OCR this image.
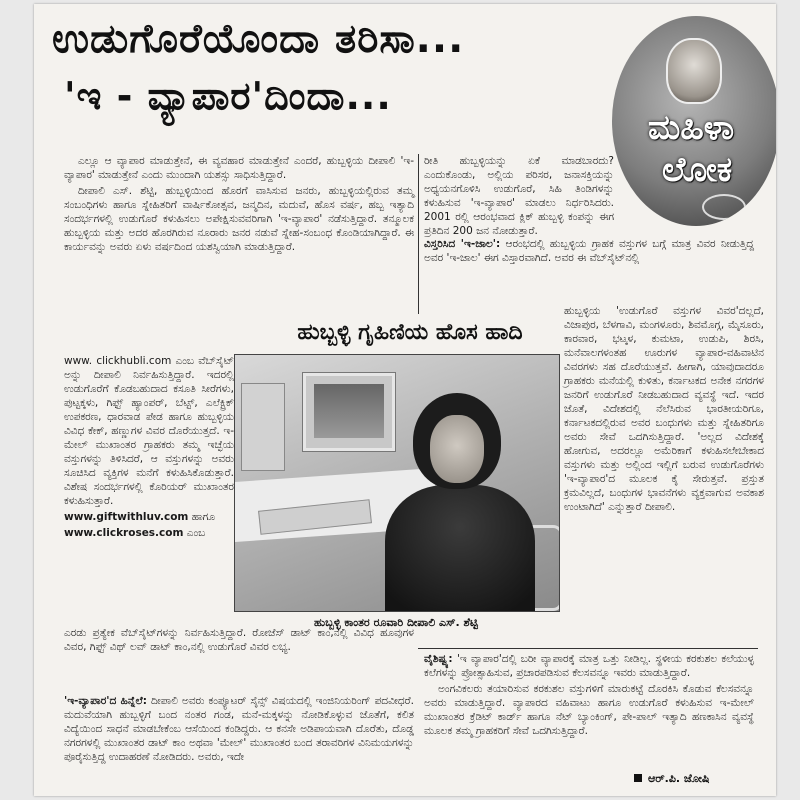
ಉಡುಗೊರೆಯೊಂದಾ ತರಿಸಾ...
'ಇ - ವ್ಯಾಪಾರ'ದಿಂದಾ...
ಮಹಿಳಾ
ಲೋಕ

ಎಲ್ಲೂ ಆ ವ್ಯಾಪಾರ ಮಾಡುತ್ತೇನೆ, ಈ ವ್ಯವಹಾರ ಮಾಡುತ್ತೇನೆ ಎಂದರೆ, ಹುಬ್ಬಳ್ಳಿಯ ದೀಪಾಲಿ 'ಇ-ವ್ಯಾಪಾರ' ಮಾಡುತ್ತೇನೆ ಎಂದು ಮುಂದಾಗಿ ಯಶಸ್ಸು ಸಾಧಿಸುತ್ತಿದ್ದಾರೆ.

ದೀಪಾಲಿ ಎಸ್. ಶೆಟ್ಟಿ, ಹುಬ್ಬಳ್ಳಿಯಿಂದ ಹೊರಗೆ ವಾಸಿಸುವ ಜನರು, ಹುಬ್ಬಳ್ಳಿಯಲ್ಲಿರುವ ತಮ್ಮ ಸಂಬಂಧಿಗಳು ಹಾಗೂ ಸ್ನೇಹಿತರಿಗೆ ವಾರ್ಷಿಕೋತ್ಸವ, ಜನ್ಮದಿನ, ಮದುವೆ, ಹೊಸ ವರ್ಷ, ಹಬ್ಬ ಇತ್ಯಾದಿ ಸಂದರ್ಭಗಳಲ್ಲಿ ಉಡುಗೊರೆ ಕಳುಹಿಸಲು ಅಪೇಕ್ಷಿಸುವವರಿಗಾಗಿ 'ಇ-ವ್ಯಾಪಾರ' ನಡೆಸುತ್ತಿದ್ದಾರೆ. ತನ್ಮೂಲಕ ಹುಬ್ಬಳ್ಳಿಯ ಮತ್ತು ಅದರ ಹೊರಗಿರುವ ನೂರಾರು ಜನರ ನಡುವೆ ಸ್ನೇಹ-ಸಂಬಂಧ ಕೊಂಡಿಯಾಗಿದ್ದಾರೆ. ಈ ಕಾರ್ಯವನ್ನು ಅವರು ಏಳು ವರ್ಷದಿಂದ ಯಶಸ್ವಿಯಾಗಿ ಮಾಡುತ್ತಿದ್ದಾರೆ.

ರೀತಿ ಹುಬ್ಬಳ್ಳಿಯನ್ನು ಏಕೆ ಮಾಡಬಾರದು? ಎಂದುಕೊಂಡು, ಅಲ್ಲಿಯ ಪರಿಸರ, ಜನಾಸಕ್ತಿಯನ್ನು ಅಧ್ಯಯನಗೊಳಿಸಿ ಉಡುಗೊರೆ, ಸಿಹಿ ತಿಂಡಿಗಳನ್ನು ಕಳುಹಿಸುವ 'ಇ-ವ್ಯಾಪಾರ' ಮಾಡಲು ನಿರ್ಧರಿಸಿದರು. 2001 ರಲ್ಲಿ ಆರಂಭವಾದ ಕ್ಲಿಕ್ ಹುಬ್ಬಳ್ಳಿ ಕಂಪನ್ನು ಈಗ ಪ್ರತಿದಿನ 200 ಜನ ನೋಡುತ್ತಾರೆ.

ವಿಸ್ತರಿಸಿದ 'ಇ-ಜಾಲ': ಆರಂಭದಲ್ಲಿ ಹುಬ್ಬಳ್ಳಿಯ ಗ್ರಾಹಕ ವಸ್ತುಗಳ ಬಗ್ಗೆ ಮಾತ್ರ ವಿವರ ನೀಡುತ್ತಿದ್ದ ಅವರ 'ಇ-ಜಾಲ' ಈಗ ವಿಸ್ತಾರವಾಗಿದೆ. ಅವರ ಈ ವೆಬ್‌ಸೈಟ್‌ನಲ್ಲಿ

ಹುಬ್ಬಳ್ಳಿ ಗೃಹಿಣಿಯ ಹೊಸ ಹಾದಿ

www. clickhubli.com ಎಂಬ ವೆಬ್‌ಸೈಟ್ ಅನ್ನು ದೀಪಾಲಿ ನಿರ್ವಹಿಸುತ್ತಿದ್ದಾರೆ. ಇದರಲ್ಲಿ ಉಡುಗೊರೆಗೆ ಕೊಡಬಹುದಾದ ಕಸೂತಿ ಸೀರೆಗಳು, ಪುಟ್ಟಕ್ಕಳು, ಗಿಫ್ಟ್ ಹ್ಯಾಂಪರ್, ಬೆಟ್ಟ್, ಎಲೆಕ್ಟ್ರಿಕ್ ಉಪಕರಣ, ಧಾರವಾಡ ಪೇಡ ಹಾಗೂ ಹುಬ್ಬಳ್ಳಿಯ ವಿವಿಧ ಕೇಕ್, ಹಣ್ಣುಗಳ ವಿವರ ದೊರೆಯುತ್ತದೆ. ಇ-ಮೇಲ್ ಮುಖಾಂತರ ಗ್ರಾಹಕರು ತಮ್ಮ ಇಚ್ಛೆಯ ವಸ್ತುಗಳನ್ನು ತಿಳಿಸಿದರೆ, ಆ ವಸ್ತುಗಳನ್ನು ಅವರು ಸೂಚಿಸಿದ ವ್ಯಕ್ತಿಗಳ ಮನೆಗೆ ಕಳುಹಿಸಿಕೊಡುತ್ತಾರೆ. ವಿಶೇಷ ಸಂದರ್ಭಗಳಲ್ಲಿ ಕೊರಿಯರ್ ಮುಖಾಂತರ ಕಳುಹಿಸುತ್ತಾರೆ.

www.giftwithluv.com ಹಾಗೂ

www.clickroses.com ಎಂಬ

ಎರಡು ಪ್ರತ್ಯೇಕ ವೆಬ್‌ಸೈಟ್‌ಗಳನ್ನು ನಿರ್ವಹಿಸುತ್ತಿದ್ದಾರೆ. ರೋಜೆಸ್ ಡಾಟ್ ಕಾಂ,ನಲ್ಲಿ ವಿವಿಧ ಹೂವುಗಳ ವಿವರ, ಗಿಫ್ಟ್ ವಿಥ್ ಲವ್ ಡಾಟ್ ಕಾಂ,ನಲ್ಲಿ ಉಡುಗೊರೆ ವಿವರ ಲಭ್ಯ.

ಹುಬ್ಬಳ್ಳಿ ಕಾಂತರ ರೂವಾರಿ ದೀಪಾಲಿ ಎಸ್. ಶೆಟ್ಟಿ

ಹುಬ್ಬಳ್ಳಿಯ 'ಉಡುಗೊರೆ ವಸ್ತುಗಳ ವಿವರ'ದಲ್ಲದೆ, ವಿಜಾಪುರ, ಬೆಳಗಾವಿ, ಮಂಗಳೂರು, ಶಿವಮೊಗ್ಗ, ಮೈಸೂರು, ಕಾರವಾರ, ಭಟ್ಕಳ, ಕುಮಟಾ, ಉಡುಪಿ, ಶಿರಸಿ, ಮನೆವಾಲಗಳಂತಹ ಊರುಗಳ ವ್ಯಾಪಾರ-ವಹಿವಾಟಿನ ವಿವರಗಳು ಸಹ ದೊರೆಯುತ್ತವೆ. ಹೀಗಾಗಿ, ಯಾವುದಾದರೂ ಗ್ರಾಹಕರು ಮನೆಯಲ್ಲಿ ಕುಳಿತು, ಕರ್ನಾಟಕದ ಅನೇಕ ನಗರಗಳ ಜನರಿಗೆ ಉಡುಗೊರೆ ನೀಡಬಹುದಾದ ವ್ಯವಸ್ಥೆ ಇದೆ. ಇದರ ಜೊತೆ, ವಿದೇಶದಲ್ಲಿ ನೆಲೆಸಿರುವ ಭಾರತೀಯರಿಗೂ, ಕರ್ನಾಟಕದಲ್ಲಿರುವ ಅವರ ಬಂಧುಗಳು ಮತ್ತು ಸ್ನೇಹಿತರಿಗೂ ಅವರು ಸೇವೆ ಒದಗಿಸುತ್ತಿದ್ದಾರೆ. 'ಅಲ್ಲದ ವಿದೇಶಕ್ಕೆ ಹೋಗುವ, ಅದರಲ್ಲೂ ಅಮೆರಿಕಾಗೆ ಕಳುಹಿಸಲೇಬೇಕಾದ ವಸ್ತುಗಳು ಮತ್ತು ಅಲ್ಲಿಂದ ಇಲ್ಲಿಗೆ ಬರುವ ಉಡುಗೊರೆಗಳು 'ಇ-ವ್ಯಾಪಾರ'ದ ಮೂಲಕ ಕೈ ಸೇರುತ್ತವೆ. ಪ್ರಸ್ತುತ ಕ್ರಮವಿಲ್ಲದೆ, ಬಂಧುಗಳ ಭಾವನೆಗಳು ವ್ಯಕ್ತವಾಗುವ ಅವಕಾಶ ಉಂಟಾಗಿದೆ' ಎನ್ನುತ್ತಾರೆ ದೀಪಾಲಿ.

'ಇ-ವ್ಯಾಪಾರ'ದ ಹಿನ್ನೆಲೆ: ದೀಪಾಲಿ ಅವರು ಕಂಪ್ಯೂಟರ್ ಸೈನ್ಸ್ ವಿಷಯದಲ್ಲಿ ಇಂಜಿನಿಯರಿಂಗ್ ಪದವೀಧರೆ. ಮದುವೆಯಾಗಿ ಹುಬ್ಬಳ್ಳಿಗೆ ಬಂದ ನಂತರ ಗಂಡ, ಮನೆ-ಮಕ್ಕಳನ್ನು ನೋಡಿಕೊಳ್ಳುವ ಜೊತೆಗೆ, ಕಲಿತ ವಿದ್ಯೆಯಿಂದ ಸಾಧನೆ ಮಾಡಬೇಕೆಂಬ ಆಸೆಯಿಂದ ಕಂಡಿದ್ದರು. ಆ ಕನಸೇ ಅಡಿಪಾಯವಾಗಿ ದೊರೆತು, ದೊಡ್ಡ ನಗರಗಳಲ್ಲಿ ಮುಖಾಂತರ ಡಾಟ್ ಕಾಂ ಅಥವಾ 'ಮೇಲ್' ಮುಖಾಂತರ ಬಂದ ತರಾವರಿಗಳ ವಿನಿಮಯಗಳನ್ನು ಪೂರೈಸುತ್ತಿದ್ದ ಉದಾಹರಣೆ ನೋಡಿದರು. ಅವರು, ಇದೇ

ವೈಶಿಷ್ಟ್ಯ: 'ಇ ವ್ಯಾಪಾರ'ದಲ್ಲಿ ಬರೀ ವ್ಯಾಪಾರಕ್ಕೆ ಮಾತ್ರ ಒತ್ತು ನೀಡಿಲ್ಲ. ಸ್ಥಳೀಯ ಕರಕುಶಲ ಕಲೆಯುಳ್ಳ ಕಲೆಗಳನ್ನು ಪ್ರೋತ್ಸಾಹಿಸುವ, ಪ್ರಚಾರಪಡಿಸುವ ಕೆಲಸವನ್ನೂ ಇವರು ಮಾಡುತ್ತಿದ್ದಾರೆ.

ಅಂಗವಿಕಲರು ತಯಾರಿಸುವ ಕರಕುಶಲ ವಸ್ತುಗಳಿಗೆ ಮಾರುಕಟ್ಟೆ ದೊರಕಿಸಿ ಕೊಡುವ ಕೆಲಸವನ್ನೂ ಅವರು ಮಾಡುತ್ತಿದ್ದಾರೆ. ವ್ಯಾಪಾರದ ವಹಿವಾಟು ಹಾಗೂ ಉಡುಗೊರೆ ಕಳುಹಿಸುವ ಇ-ಮೇಲ್ ಮುಖಾಂತರ ಕ್ರೆಡಿಟ್ ಕಾರ್ಡ್ ಹಾಗೂ ನೆಟ್ ಬ್ಯಾಂಕಿಂಗ್, ಪೇ-ಪಾಲ್ ಇತ್ಯಾದಿ ಹಣಕಾಸಿನ ವ್ಯವಸ್ಥೆ ಮೂಲಕ ತಮ್ಮ ಗ್ರಾಹಕರಿಗೆ ಸೇವೆ ಒದಗಿಸುತ್ತಿದ್ದಾರೆ.

ಆರ್.ಪಿ. ಜೋಷಿ
